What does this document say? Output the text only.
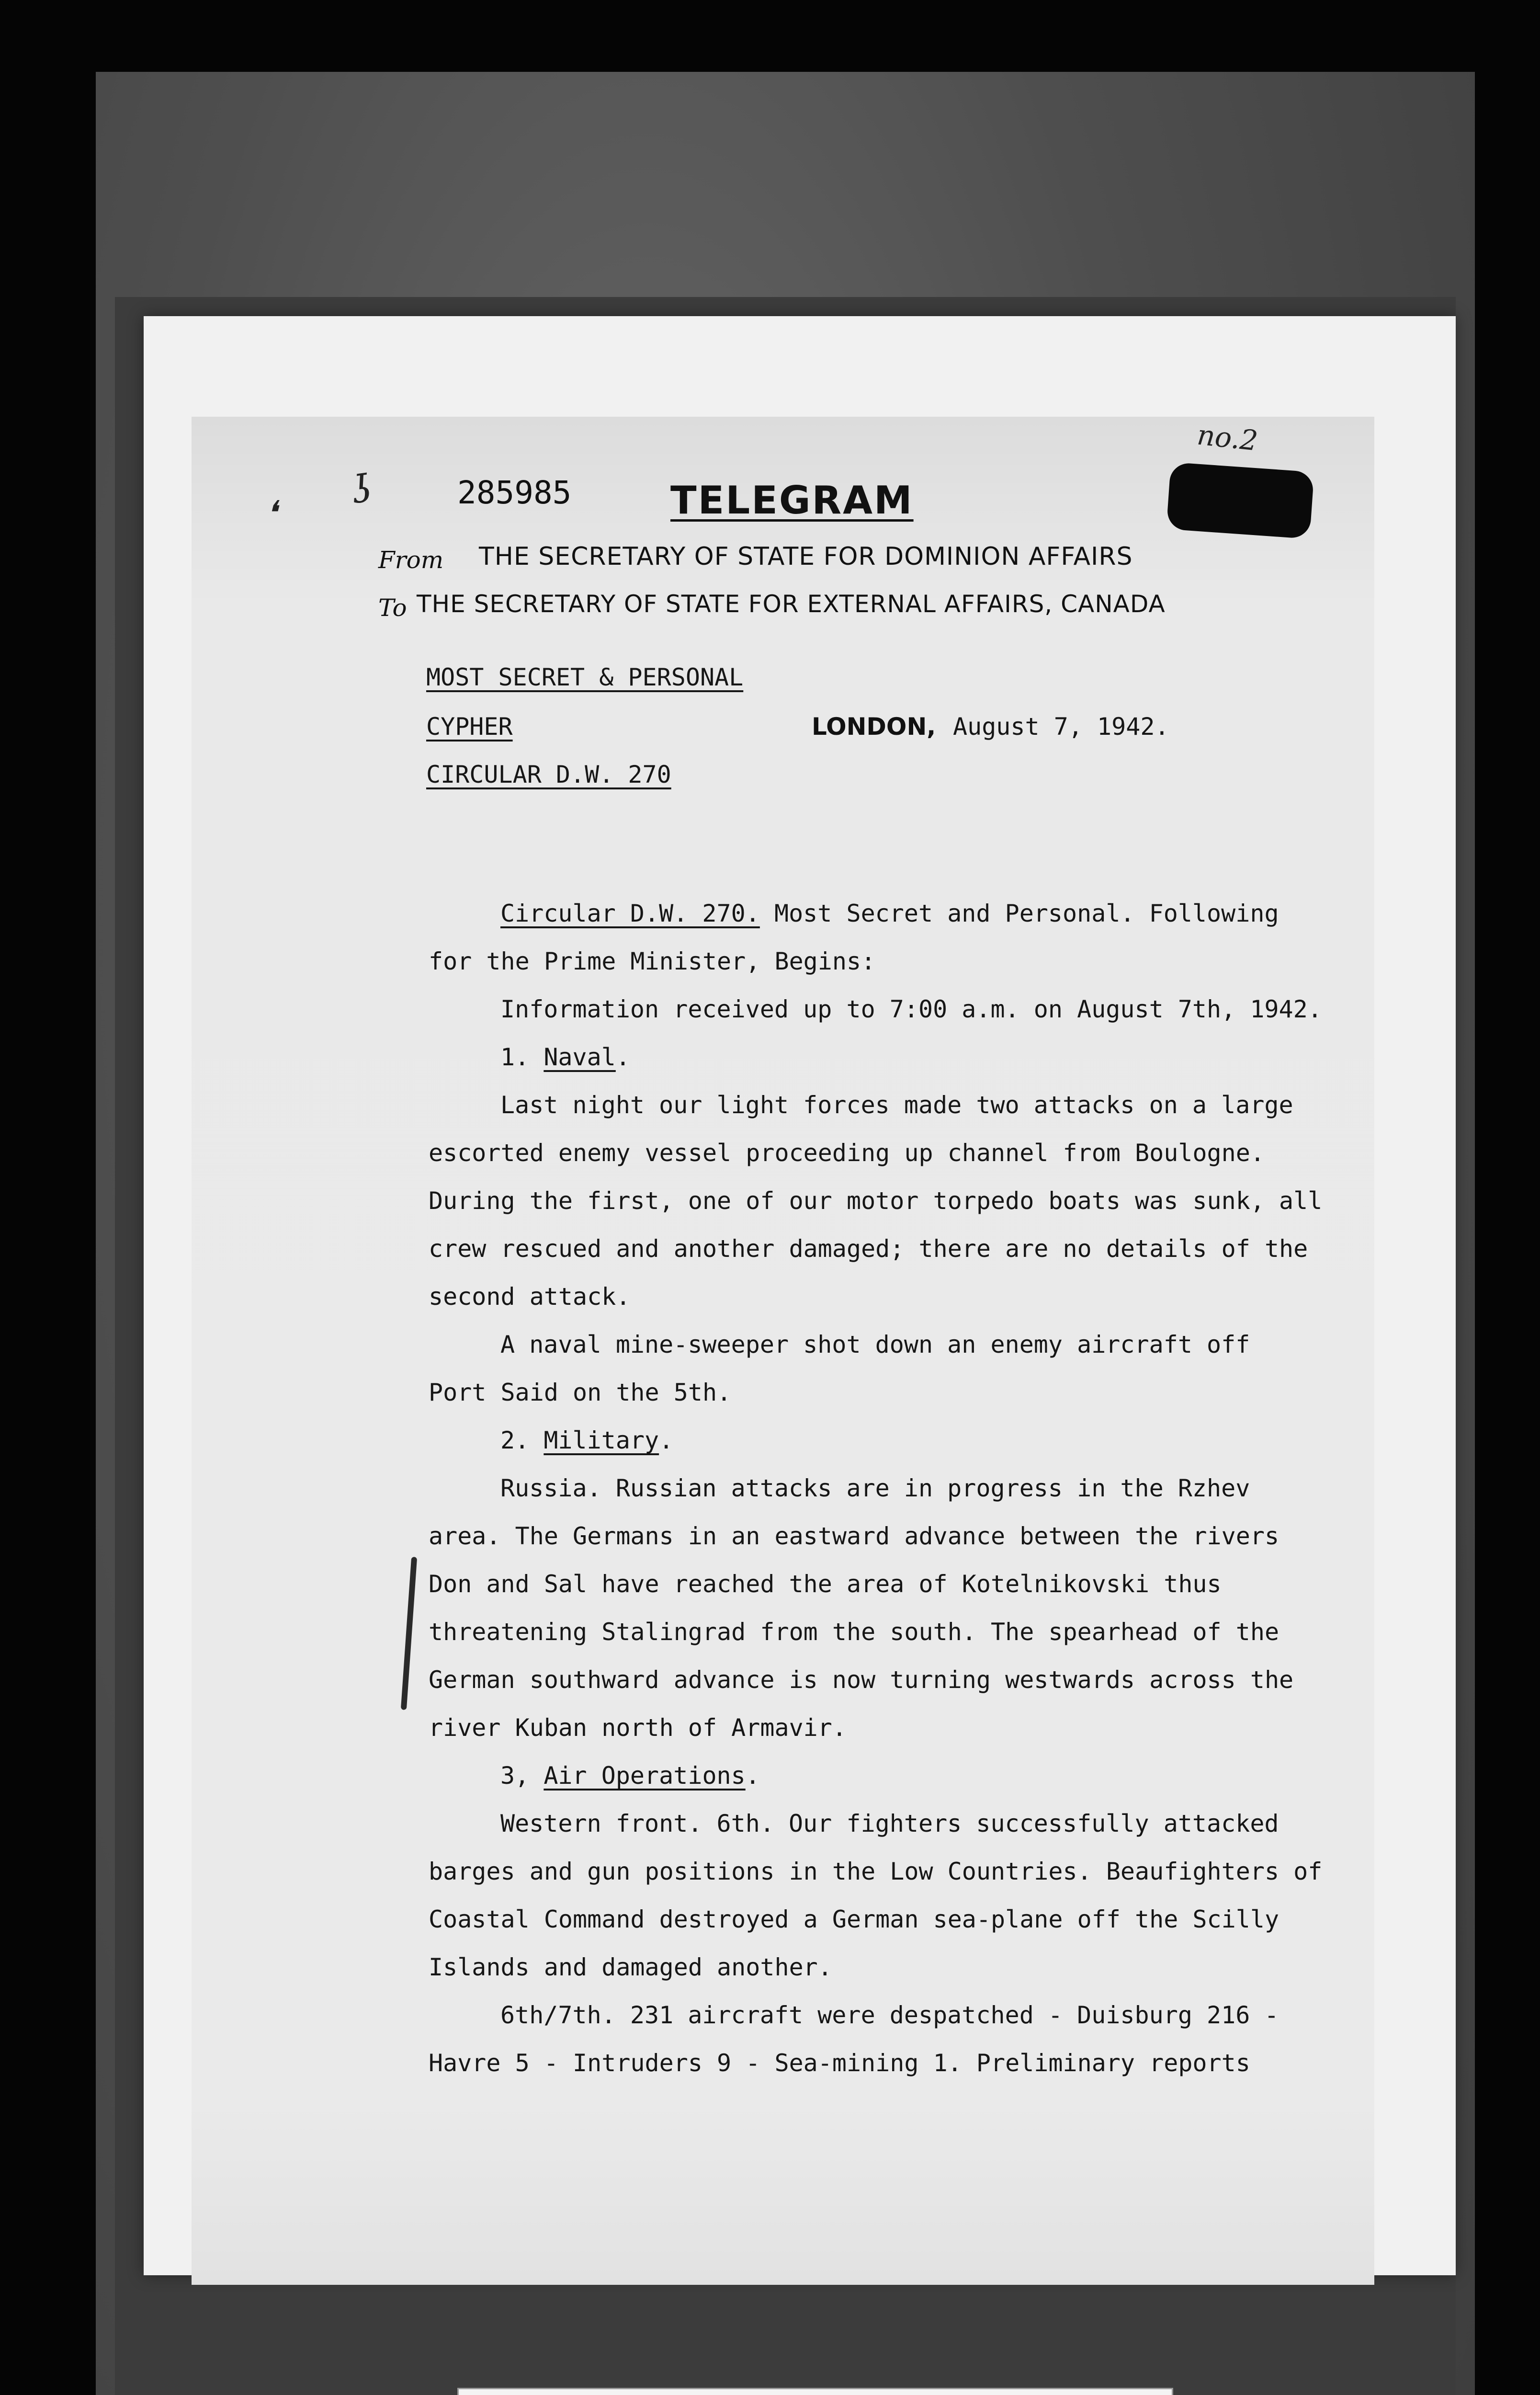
no.2
❛
ʖ	285985	TELEGRAM
From THE SECRETARY OF STATE FOR DOMINION AFFAIRS
To THE SECRETARY OF STATE FOR EXTERNAL AFFAIRS, CANADA
MOST SECRET & PERSONAL
CYPHER
CIRCULAR D.W. 270
LONDON, August 7, 1942.
Circular D.W. 270. Most Secret and Personal. Following
for the Prime Minister, Begins:
Information received up to 7:00 a.m. on August 7th, 1942.
1. Naval.
Last night our light forces made two attacks on a large
escorted enemy vessel proceeding up channel from Boulogne.
During the first, one of our motor torpedo boats was sunk, all
crew rescued and another damaged; there are no details of the
second attack.
A naval mine-sweeper shot down an enemy aircraft off
Port Said on the 5th.
2. Military.
Russia. Russian attacks are in progress in the Rzhev
area. The Germans in an eastward advance between the rivers
Don and Sal have reached the area of Kotelnikovski thus
threatening Stalingrad from the south. The spearhead of the
German southward advance is now turning westwards across the
river Kuban north of Armavir.
3, Air Operations.
Western front. 6th. Our fighters successfully attacked
barges and gun positions in the Low Countries. Beaufighters of
Coastal Command destroyed a German sea-plane off the Scilly
Islands and damaged another.
6th/7th. 231 aircraft were despatched - Duisburg 216 -
Havre 5 - Intruders 9 - Sea-mining 1. Preliminary reports
